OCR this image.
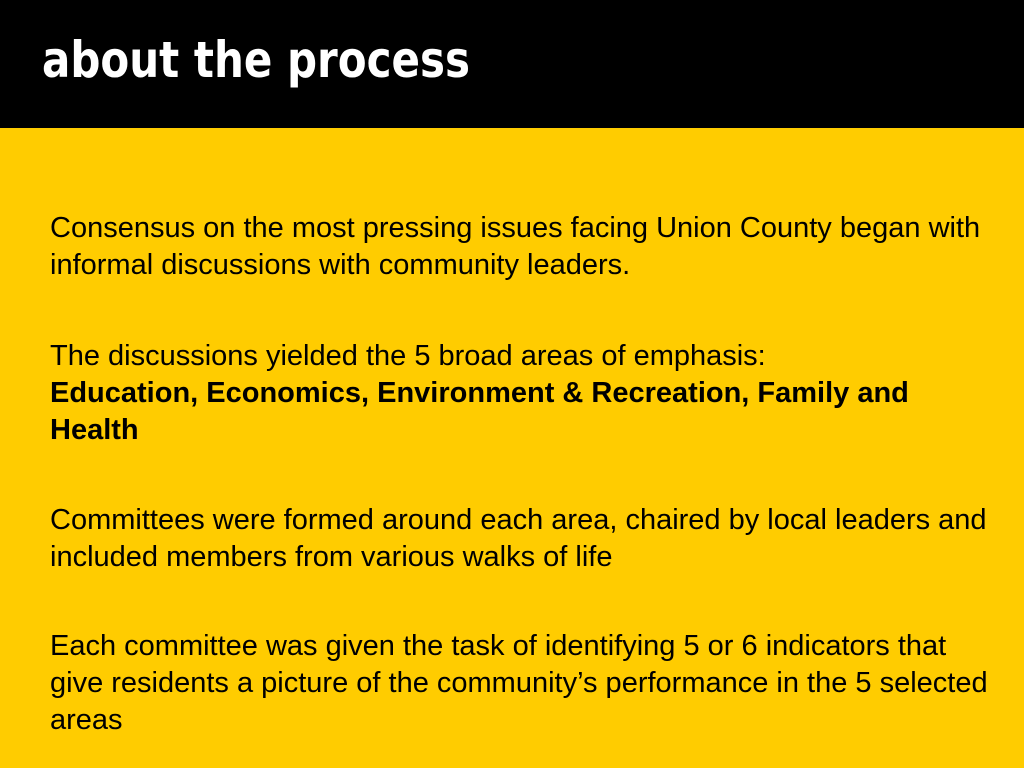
about the process

Consensus on the most pressing issues facing Union County began with informal discussions with community leaders.

The discussions yielded the 5 broad areas of emphasis:
Education, Economics, Environment & Recreation, Family and Health

Committees were formed around each area, chaired by local leaders and included members from various walks of life

Each committee was given the task of identifying 5 or 6 indicators that give residents a picture of the community’s performance in the 5 selected areas
